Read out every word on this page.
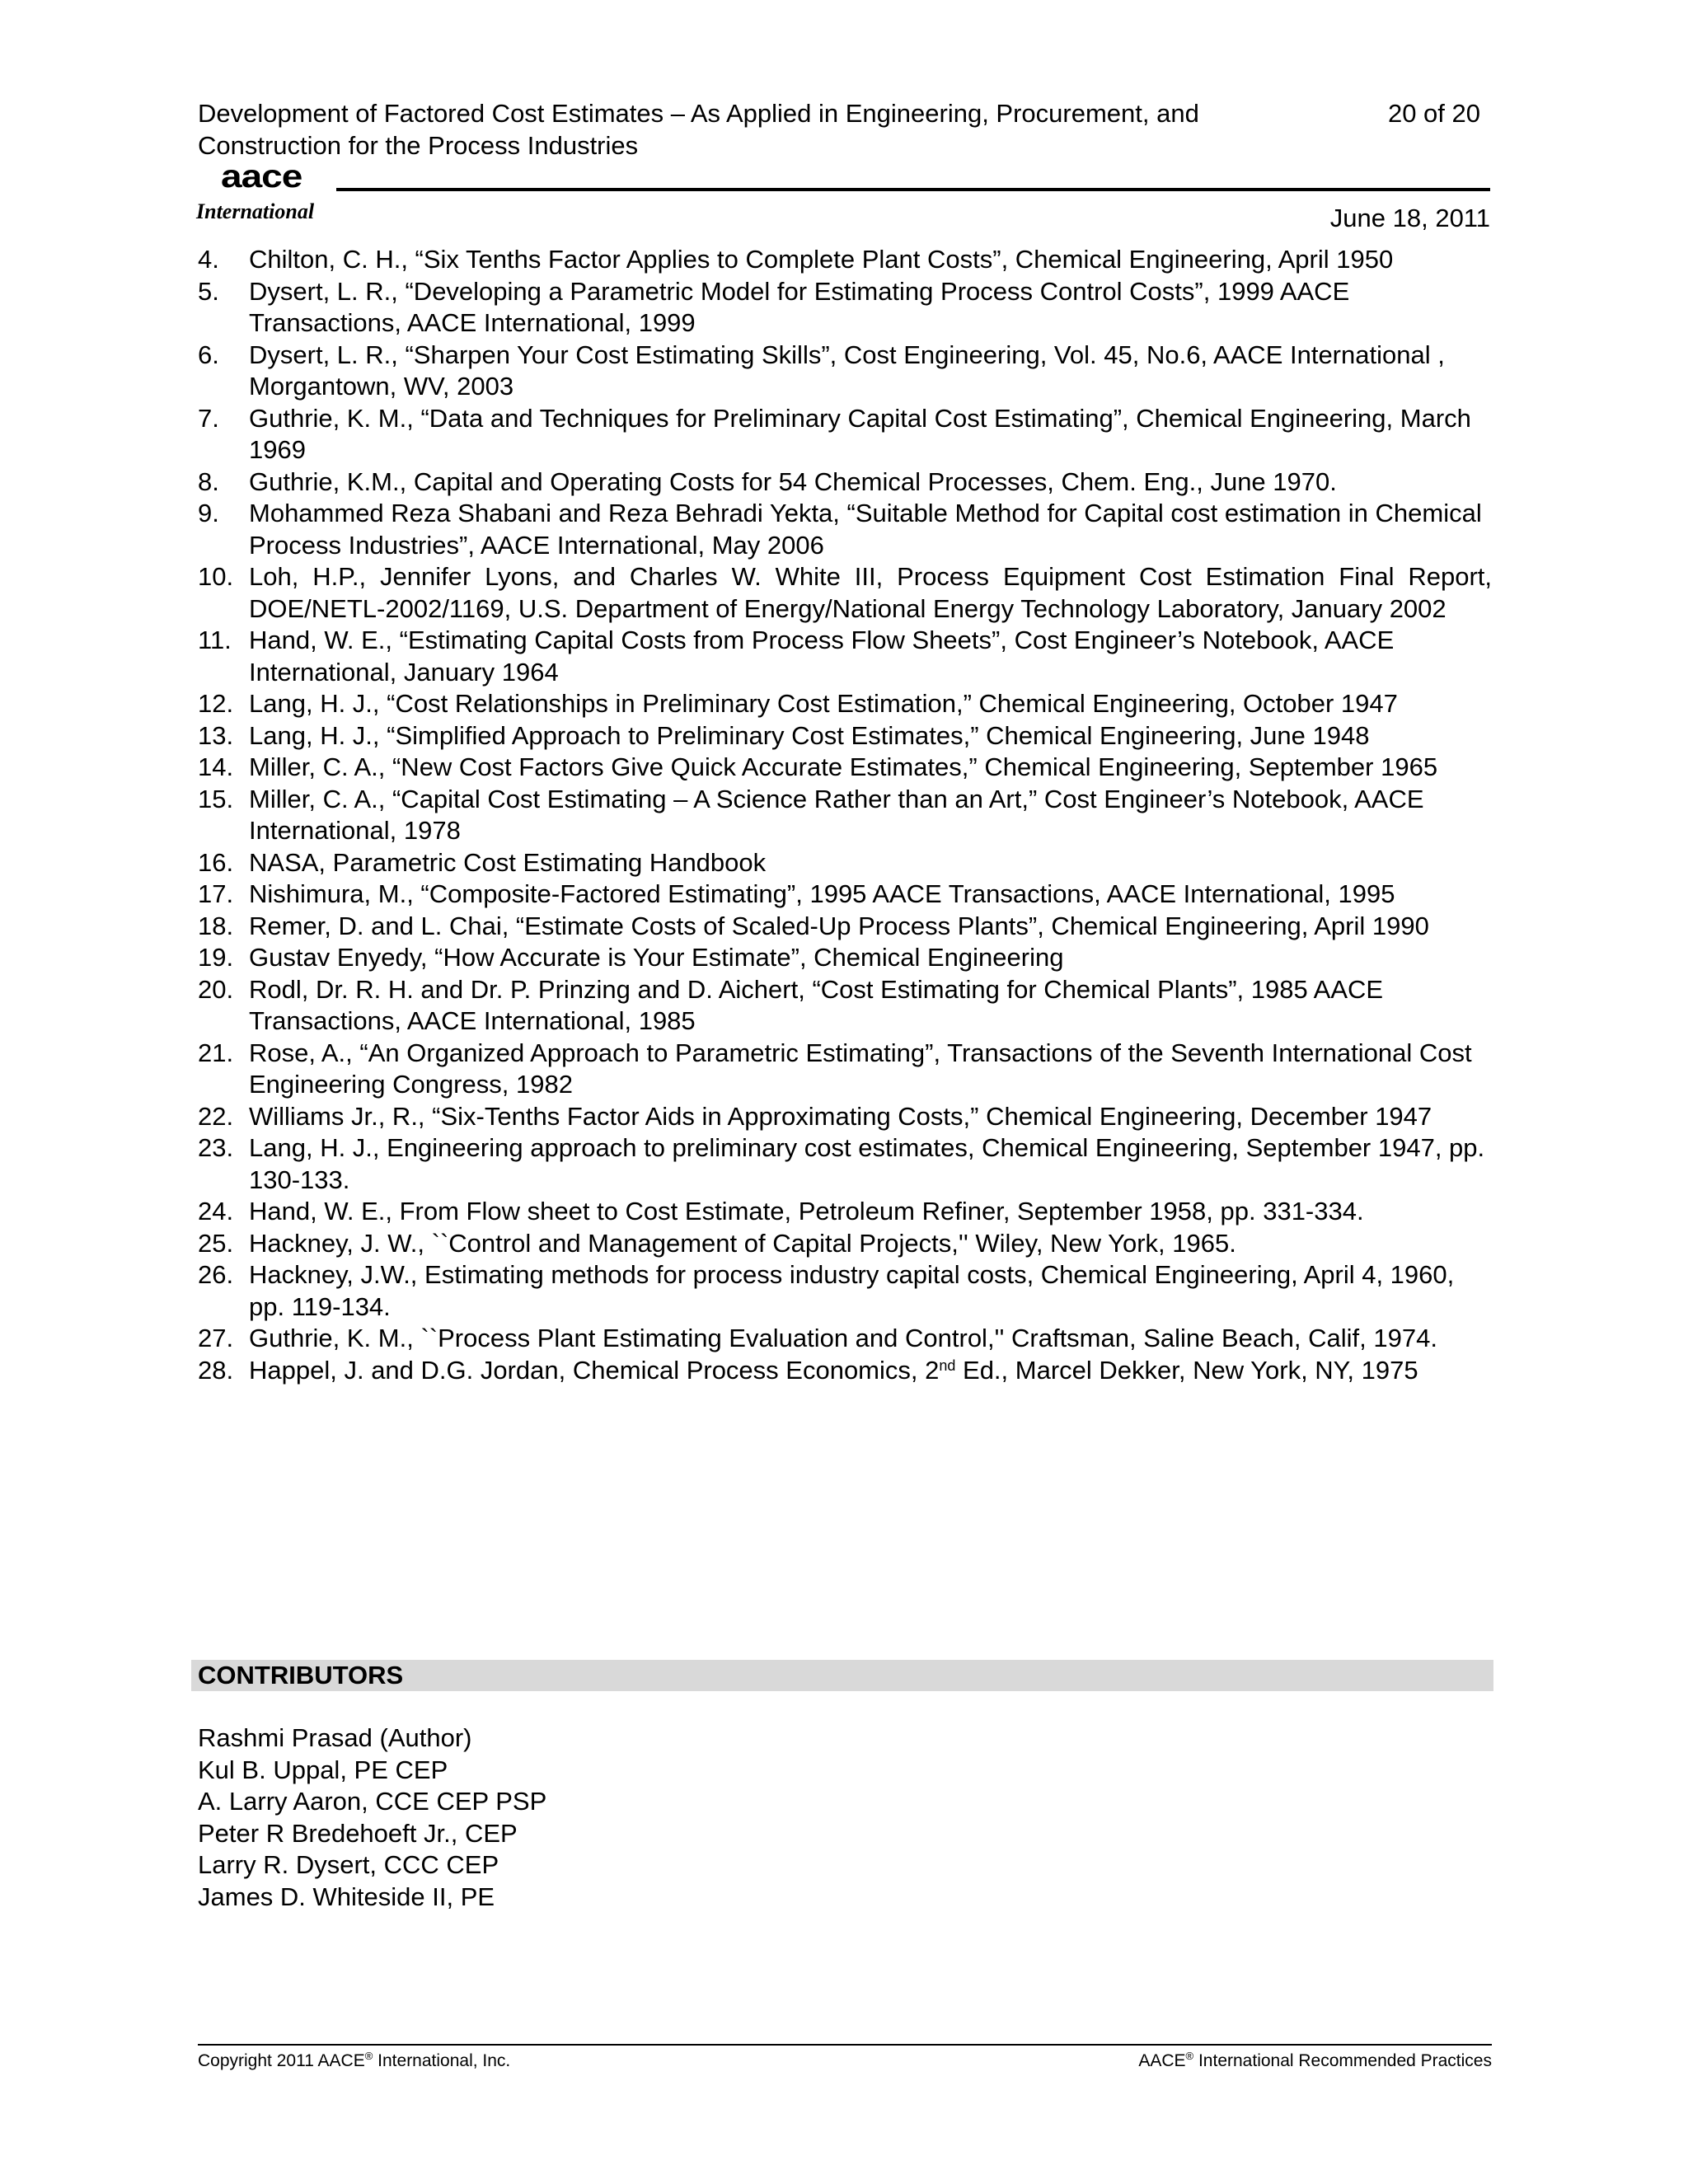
Development of Factored Cost Estimates – As Applied in Engineering, Procurement, and Construction for the Process Industries
20 of 20
aace
International	June 18, 2011
4. Chilton, C. H., “Six Tenths Factor Applies to Complete Plant Costs”, Chemical Engineering, April 1950
5. Dysert, L. R., “Developing a Parametric Model for Estimating Process Control Costs”, 1999 AACE Transactions, AACE International, 1999
6. Dysert, L. R., “Sharpen Your Cost Estimating Skills”, Cost Engineering, Vol. 45, No.6, AACE International , Morgantown, WV, 2003
7. Guthrie, K. M., “Data and Techniques for Preliminary Capital Cost Estimating”, Chemical Engineering, March 1969
8. Guthrie, K.M., Capital and Operating Costs for 54 Chemical Processes, Chem. Eng., June 1970.
9. Mohammed Reza Shabani and Reza Behradi Yekta, “Suitable Method for Capital cost estimation in Chemical Process Industries”, AACE International, May 2006
10. Loh, H.P., Jennifer Lyons, and Charles W. White III, Process Equipment Cost Estimation Final Report, DOE/NETL-2002/1169, U.S. Department of Energy/National Energy Technology Laboratory, January 2002
11. Hand, W. E., “Estimating Capital Costs from Process Flow Sheets”, Cost Engineer’s Notebook, AACE International, January 1964
12. Lang, H. J., “Cost Relationships in Preliminary Cost Estimation,” Chemical Engineering, October 1947
13. Lang, H. J., “Simplified Approach to Preliminary Cost Estimates,” Chemical Engineering, June 1948
14. Miller, C. A., “New Cost Factors Give Quick Accurate Estimates,” Chemical Engineering, September 1965
15. Miller, C. A., “Capital Cost Estimating – A Science Rather than an Art,” Cost Engineer’s Notebook, AACE International, 1978
16. NASA, Parametric Cost Estimating Handbook
17. Nishimura, M., “Composite-Factored Estimating”, 1995 AACE Transactions, AACE International, 1995
18. Remer, D. and L. Chai, “Estimate Costs of Scaled-Up Process Plants”, Chemical Engineering, April 1990
19. Gustav Enyedy, “How Accurate is Your Estimate”, Chemical Engineering
20. Rodl, Dr. R. H. and Dr. P. Prinzing and D. Aichert, “Cost Estimating for Chemical Plants”, 1985 AACE Transactions, AACE International, 1985
21. Rose, A., “An Organized Approach to Parametric Estimating”, Transactions of the Seventh International Cost Engineering Congress, 1982
22. Williams Jr., R., “Six-Tenths Factor Aids in Approximating Costs,” Chemical Engineering, December 1947
23. Lang, H. J., Engineering approach to preliminary cost estimates, Chemical Engineering, September 1947, pp. 130-133.
24. Hand, W. E., From Flow sheet to Cost Estimate, Petroleum Refiner, September 1958, pp. 331-334.
25. Hackney, J. W., ``Control and Management of Capital Projects,'' Wiley, New York, 1965.
26. Hackney, J.W., Estimating methods for process industry capital costs, Chemical Engineering, April 4, 1960, pp. 119-134.
27. Guthrie, K. M., ``Process Plant Estimating Evaluation and Control,'' Craftsman, Saline Beach, Calif, 1974.
28. Happel, J. and D.G. Jordan, Chemical Process Economics, 2nd Ed., Marcel Dekker, New York, NY, 1975
CONTRIBUTORS
Rashmi Prasad (Author)
Kul B. Uppal, PE CEP
A. Larry Aaron, CCE CEP PSP
Peter R Bredehoeft Jr., CEP
Larry R. Dysert, CCC CEP
James D. Whiteside II, PE
Copyright 2011 AACE® International, Inc.	AACE® International Recommended Practices
